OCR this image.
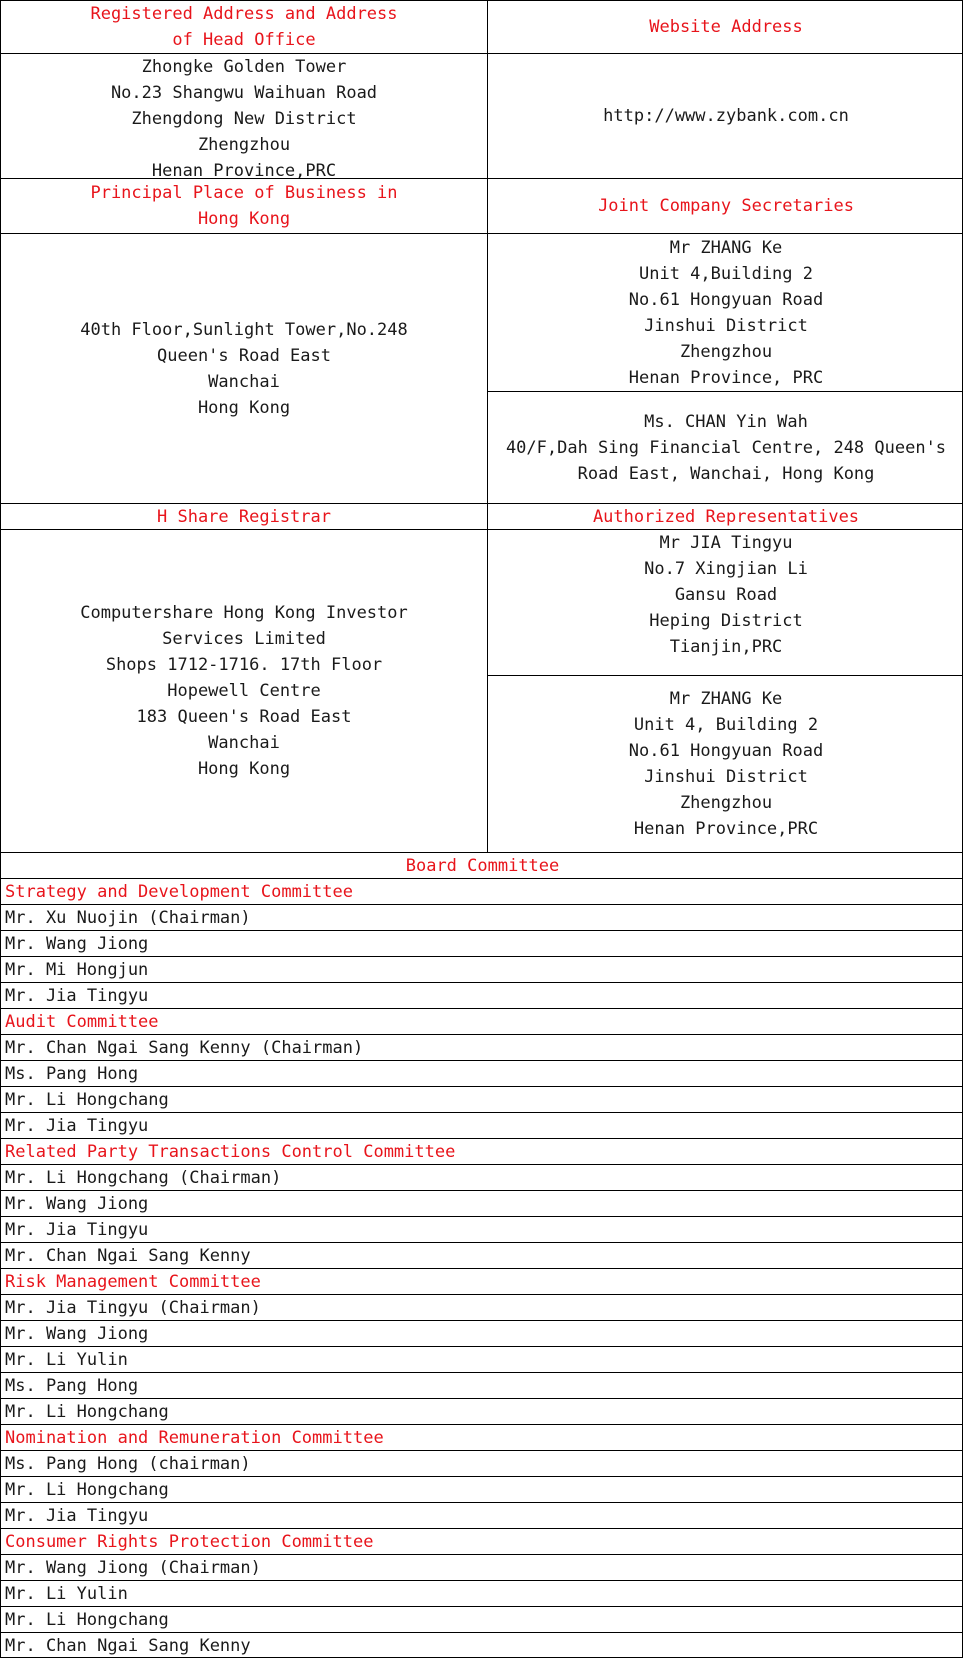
Registered Address and Address
of Head Office
Website Address
Zhongke Golden Tower
No.23 Shangwu Waihuan Road
Zhengdong New District
Zhengzhou
Henan Province,PRC
http://www.zybank.com.cn
Principal Place of Business in
Hong Kong
Joint Company Secretaries
40th Floor,Sunlight Tower,No.248
Queen's Road East
Wanchai
Hong Kong
Mr ZHANG Ke
Unit 4,Building 2
No.61 Hongyuan Road
Jinshui District
Zhengzhou
Henan Province, PRC
Ms. CHAN Yin Wah
40/F,Dah Sing Financial Centre, 248 Queen's
Road East, Wanchai, Hong Kong
H Share Registrar	Authorized Representatives
Computershare Hong Kong Investor
Services Limited
Shops 1712-1716. 17th Floor
Hopewell Centre
183 Queen's Road East
Wanchai
Hong Kong
Mr JIA Tingyu
No.7 Xingjian Li
Gansu Road
Heping District
Tianjin,PRC
Mr ZHANG Ke
Unit 4, Building 2
No.61 Hongyuan Road
Jinshui District
Zhengzhou
Henan Province,PRC
Board Committee
Strategy and Development Committee
Mr. Xu Nuojin (Chairman)
Mr. Wang Jiong
Mr. Mi Hongjun
Mr. Jia Tingyu
Audit Committee
Mr. Chan Ngai Sang Kenny (Chairman)
Ms. Pang Hong
Mr. Li Hongchang
Mr. Jia Tingyu
Related Party Transactions Control Committee
Mr. Li Hongchang (Chairman)
Mr. Wang Jiong
Mr. Jia Tingyu
Mr. Chan Ngai Sang Kenny
Risk Management Committee
Mr. Jia Tingyu (Chairman)
Mr. Wang Jiong
Mr. Li Yulin
Ms. Pang Hong
Mr. Li Hongchang
Nomination and Remuneration Committee
Ms. Pang Hong (chairman)
Mr. Li Hongchang
Mr. Jia Tingyu
Consumer Rights Protection Committee
Mr. Wang Jiong (Chairman)
Mr. Li Yulin
Mr. Li Hongchang
Mr. Chan Ngai Sang Kenny
